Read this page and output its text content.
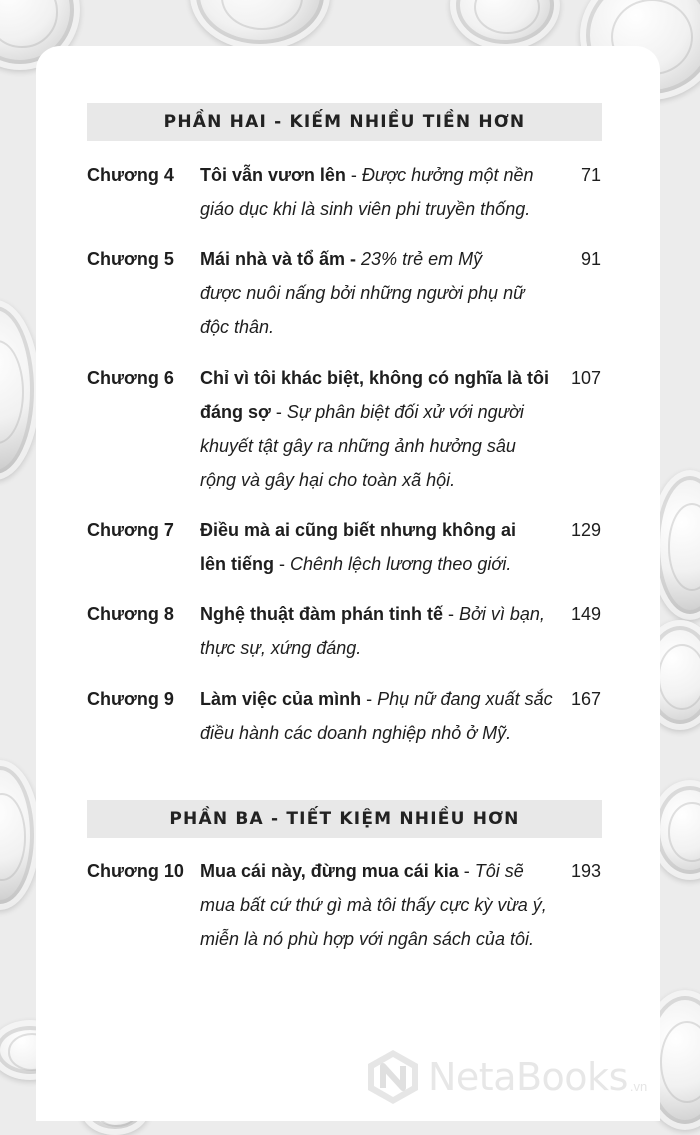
PHẦN HAI - KIẾM NHIỀU TIỀN HƠN
Chương 4 Tôi vẫn vươn lên - Được hưởng một nền
giáo dục khi là sinh viên phi truyền thống.
71
Chương 5 Mái nhà và tổ ấm - 23% trẻ em Mỹ
được nuôi nấng bởi những người phụ nữ
độc thân.
91
Chương 6 Chỉ vì tôi khác biệt, không có nghĩa là tôi
đáng sợ - Sự phân biệt đối xử với người
khuyết tật gây ra những ảnh hưởng sâu
rộng và gây hại cho toàn xã hội.
107
Chương 7 Điều mà ai cũng biết nhưng không ai
lên tiếng - Chênh lệch lương theo giới.
129
Chương 8 Nghệ thuật đàm phán tinh tế - Bởi vì bạn,
thực sự, xứng đáng.
149
Chương 9 Làm việc của mình - Phụ nữ đang xuất sắc
điều hành các doanh nghiệp nhỏ ở Mỹ.
167
PHẦN BA - TIẾT KIỆM NHIỀU HƠN
Chương 10 Mua cái này, đừng mua cái kia - Tôi sẽ
mua bất cứ thứ gì mà tôi thấy cực kỳ vừa ý,
miễn là nó phù hợp với ngân sách của tôi.
193
NetaBooks .vn
